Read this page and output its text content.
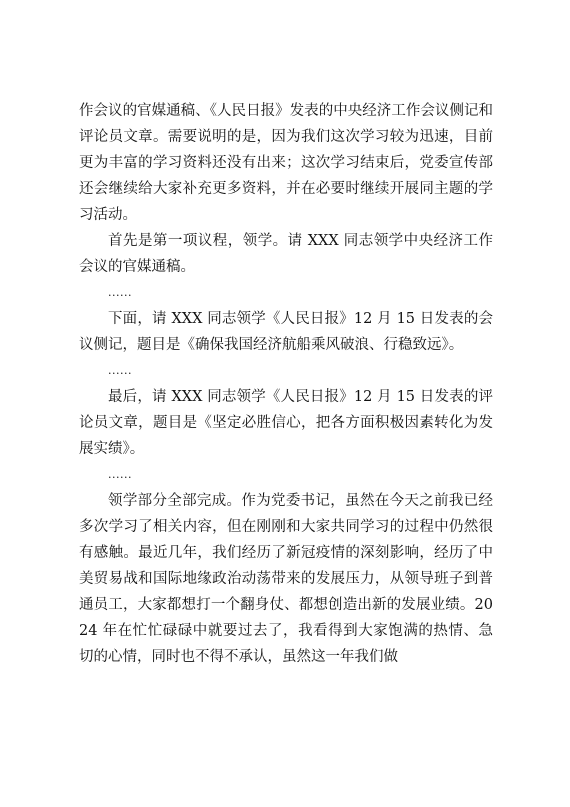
作会议的官媒通稿、《人民日报》发表的中央经济工作会议侧记和评论员文章。需要说明的是，因为我们这次学习较为迅速，目前更为丰富的学习资料还没有出来；这次学习结束后，党委宣传部还会继续给大家补充更多资料，并在必要时继续开展同主题的学习活动。

首先是第一项议程，领学。请 XXX 同志领学中央经济工作会议的官媒通稿。

......

下面，请 XXX 同志领学《人民日报》12 月 15 日发表的会议侧记，题目是《确保我国经济航船乘风破浪、行稳致远》。

......

最后，请 XXX 同志领学《人民日报》12 月 15 日发表的评论员文章，题目是《坚定必胜信心，把各方面积极因素转化为发展实绩》。

......

领学部分全部完成。作为党委书记，虽然在今天之前我已经多次学习了相关内容，但在刚刚和大家共同学习的过程中仍然很有感触。最近几年，我们经历了新冠疫情的深刻影响，经历了中美贸易战和国际地缘政治动荡带来的发展压力，从领导班子到普通员工，大家都想打一个翻身仗、都想创造出新的发展业绩。2024 年在忙忙碌碌中就要过去了，我看得到大家饱满的热情、急切的心情，同时也不得不承认，虽然这一年我们做
